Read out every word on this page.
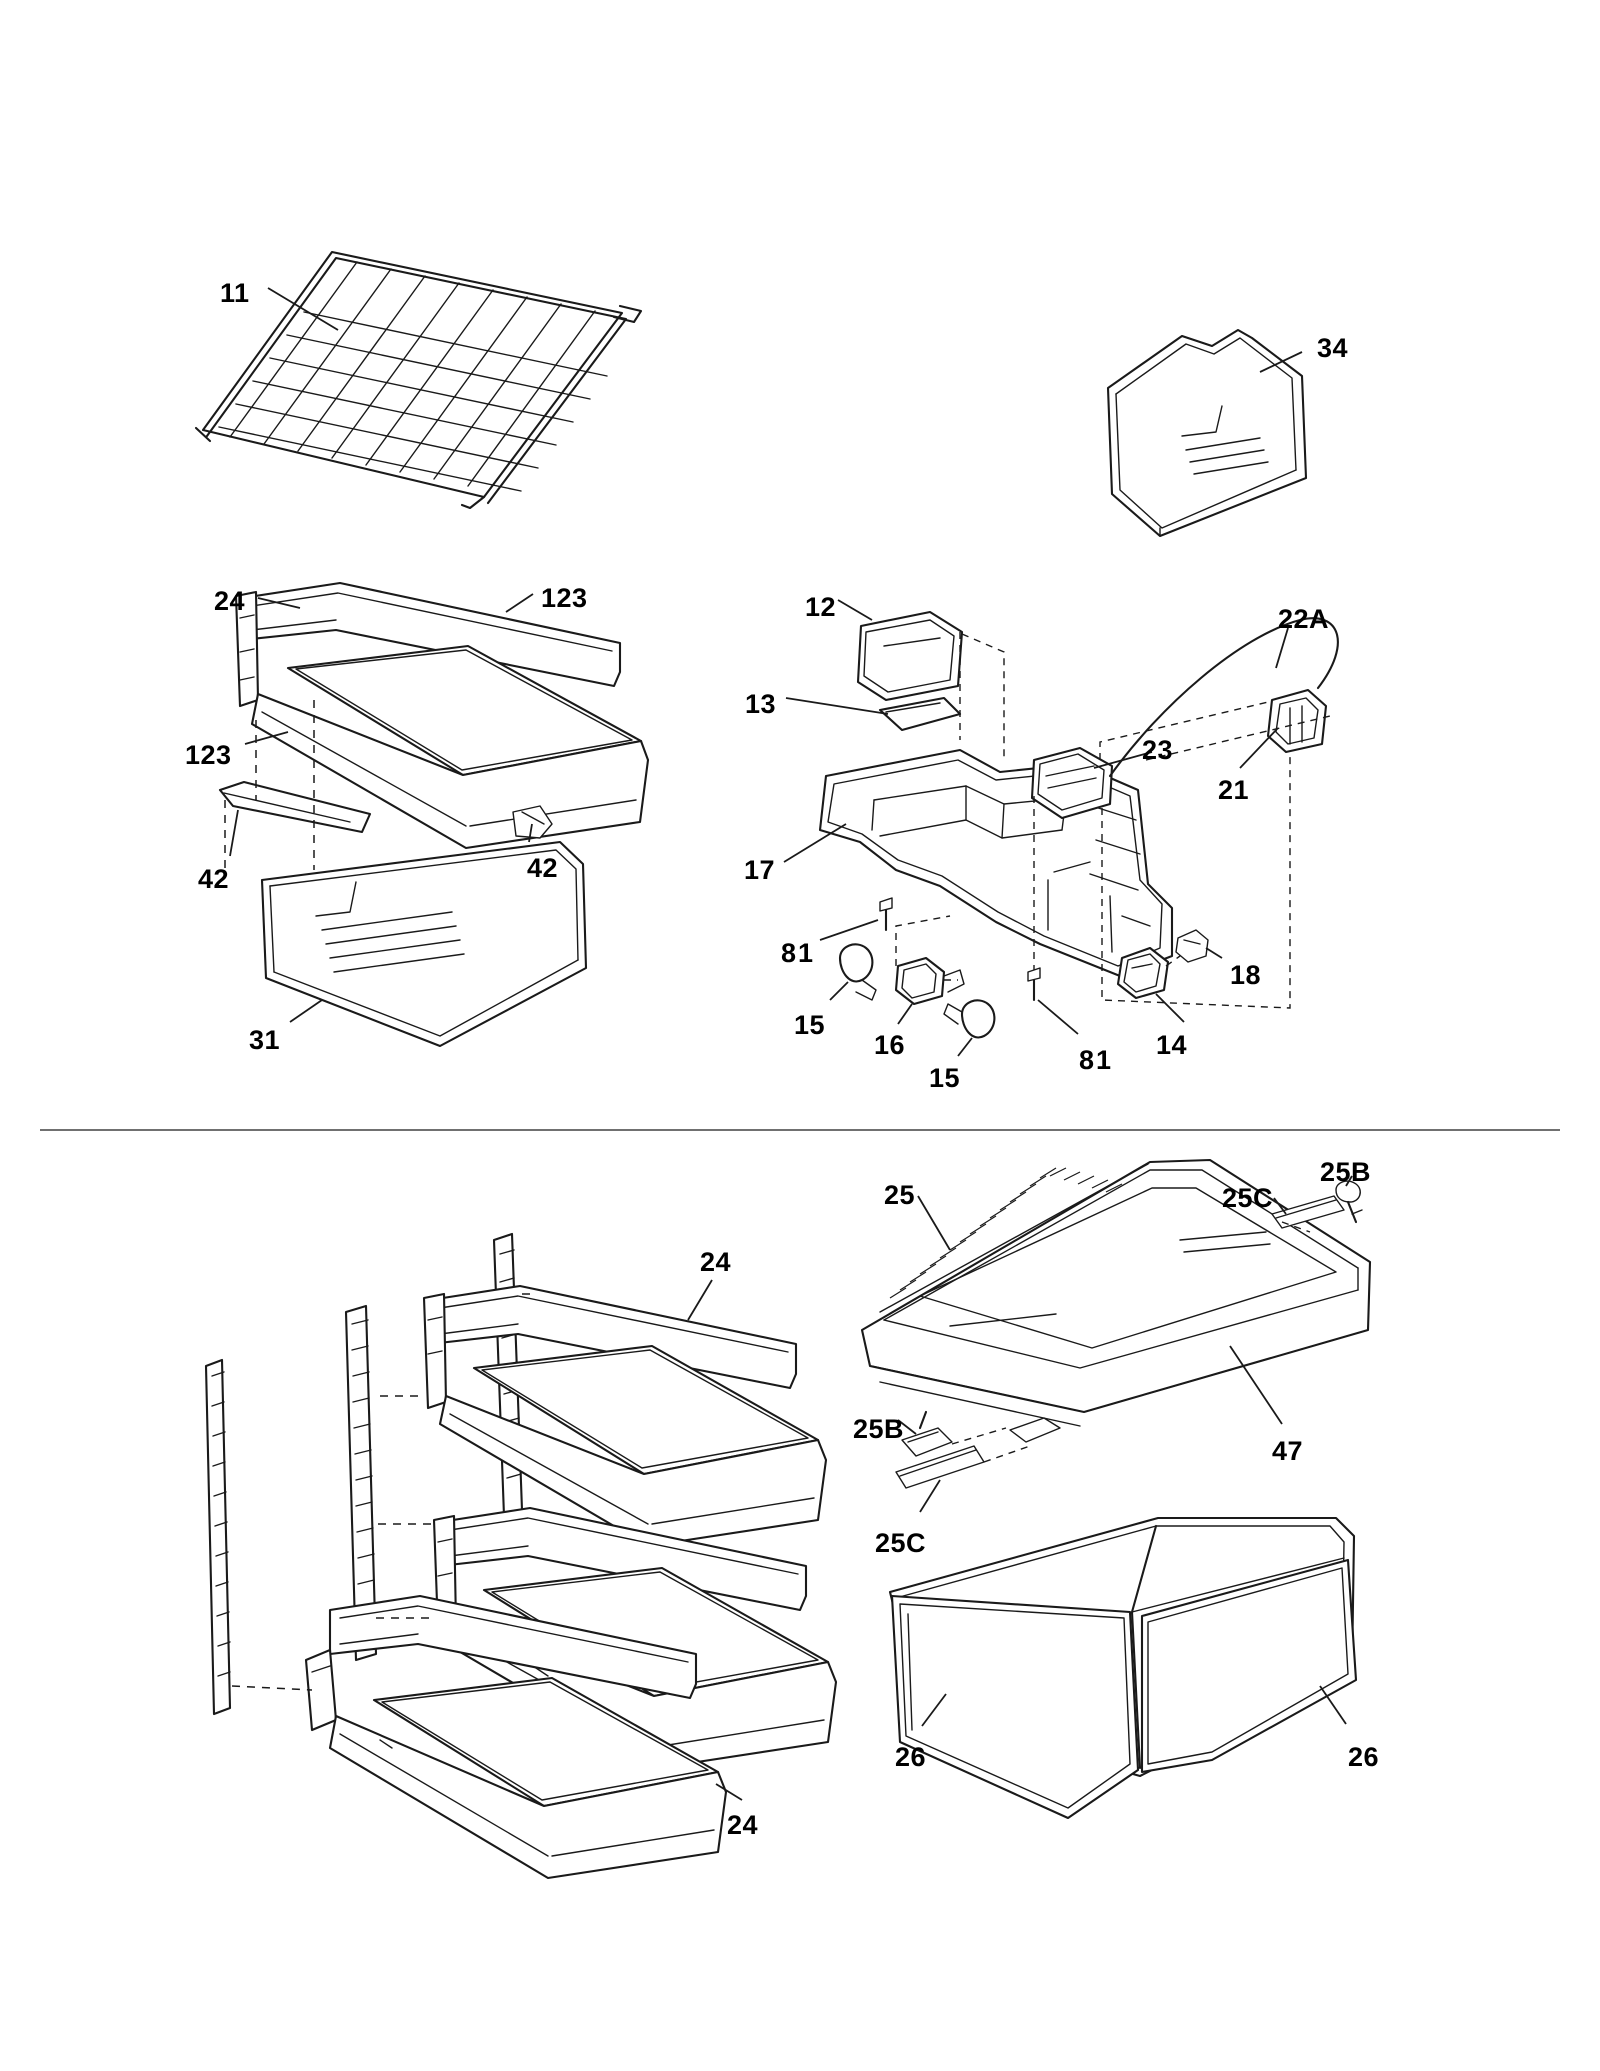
11
34
24	123
123
42	42
31
12
13
22A
23
21
17
81
15
16
15
81 14
18
24
24
25	25C
25B
47
25B
25C
26	26
